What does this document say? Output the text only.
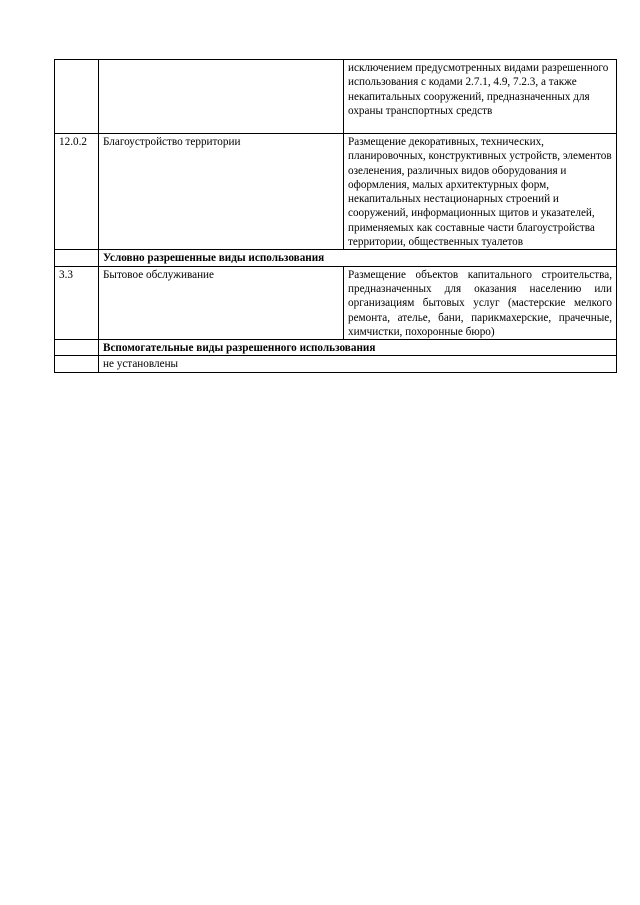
		исключением предусмотренных видами разрешенного использования с кодами 2.7.1, 4.9, 7.2.3, а также некапитальных сооружений, предназначенных для охраны транспортных средств
12.0.2	Благоустройство территории	Размещение декоративных, технических, планировочных, конструктивных устройств, элементов озеленения, различных видов оборудования и оформления, малых архитектурных форм, некапитальных нестационарных строений и сооружений, информационных щитов и указателей, применяемых как составные части благоустройства территории, общественных туалетов
	Условно разрешенные виды использования	
3.3	Бытовое обслуживание	Размещение объектов капитального строительства, предназначенных для оказания населению или организациям бытовых услуг (мастерские мелкого ремонта, ателье, бани, парикмахерские, прачечные, химчистки, похоронные бюро)
	Вспомогательные виды разрешенного использования	
	не установлены	
